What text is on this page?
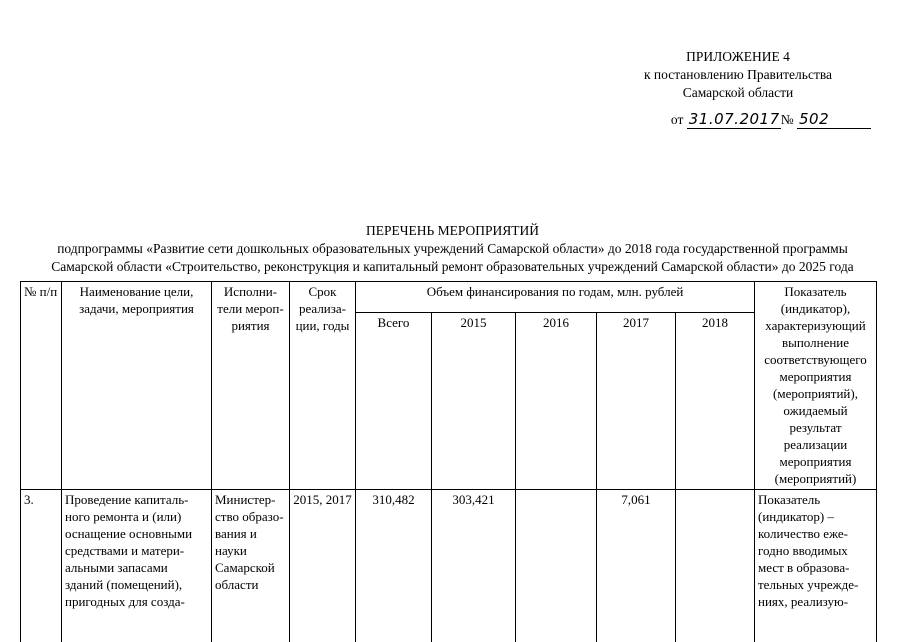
ПРИЛОЖЕНИЕ 4
к постановлению Правительства
Самарской области
от 31.07.2017№ 502
ПЕРЕЧЕНЬ МЕРОПРИЯТИЙ
подпрограммы «Развитие сети дошкольных образовательных учреждений Самарской области» до 2018 года государственной программы
Самарской области «Строительство, реконструкция и капитальный ремонт образовательных учреждений Самарской области» до 2025 года
№ п/п	Наименование цели, задачи, мероприятия	Исполни-тели мероп-риятия	Срок реализа-ции, годы	Объем финансирования по годам, млн. рублей					Показатель (индикатор), характеризующий выполнение соответствующего мероприятия (мероприятий), ожидаемый результат реализации мероприятия (мероприятий)
				Всего	2015	2016	2017	2018	
3.	Проведение капиталь-ного ремонта и (или) оснащение основными средствами и матери-альными запасами зданий (помещений), пригодных для созда-	Министер-ство образо-вания и науки Самарской области	2015, 2017	310,482	303,421		7,061		Показатель (индикатор) – количество еже-годно вводимых мест в образова-тельных учрежде-ниях, реализую-
